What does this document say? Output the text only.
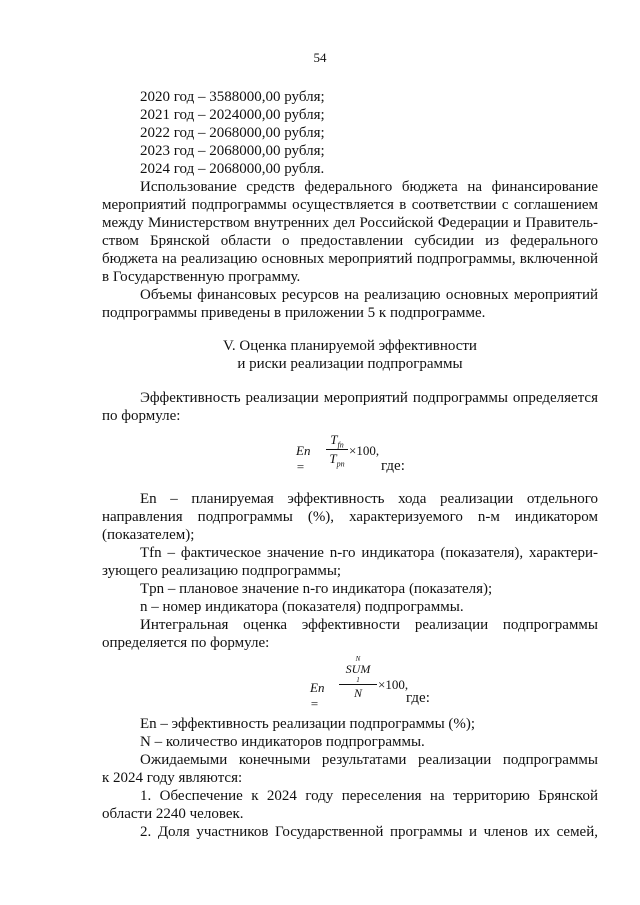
54
2020 год – 3588000,00 рубля;
2021 год – 2024000,00 рубля;
2022 год – 2068000,00 рубля;
2023 год – 2068000,00 рубля;
2024 год – 2068000,00 рубля.
Использование средств федерального бюджета на финансирование
мероприятий подпрограммы осуществляется в соответствии с соглашением
между Министерством внутренних дел Российской Федерации и Правитель-
ством Брянской области о предоставлении субсидии из федерального
бюджета на реализацию основных мероприятий подпрограммы, включенной
в Государственную программу.
Объемы финансовых ресурсов на реализацию основных мероприятий
подпрограммы приведены в приложении 5 к подпрограмме.
V. Оценка планируемой эффективности
и риски реализации подпрограммы
Эффективность реализации мероприятий подпрограммы определяется
по формуле:
En =
$T_{fn}$
$T_{pn}$
×100,
где:
En – планируемая эффективность хода реализации отдельного
направления подпрограммы (%), характеризуемого n-м индикатором
(показателем);
Tfn – фактическое значение n-го индикатора (показателя), характери-
зующего реализацию подпрограммы;
Tpn – плановое значение n-го индикатора (показателя);
n – номер индикатора (показателя) подпрограммы.
Интегральная оценка эффективности реализации подпрограммы
определяется по формуле:
En =
N
SUM
1
N
×100,
где:
En – эффективность реализации подпрограммы (%);
N – количество индикаторов подпрограммы.
Ожидаемыми конечными результатами реализации подпрограммы
к 2024 году являются:
1. Обеспечение к 2024 году переселения на территорию Брянской
области 2240 человек.
2. Доля участников Государственной программы и членов их семей,
